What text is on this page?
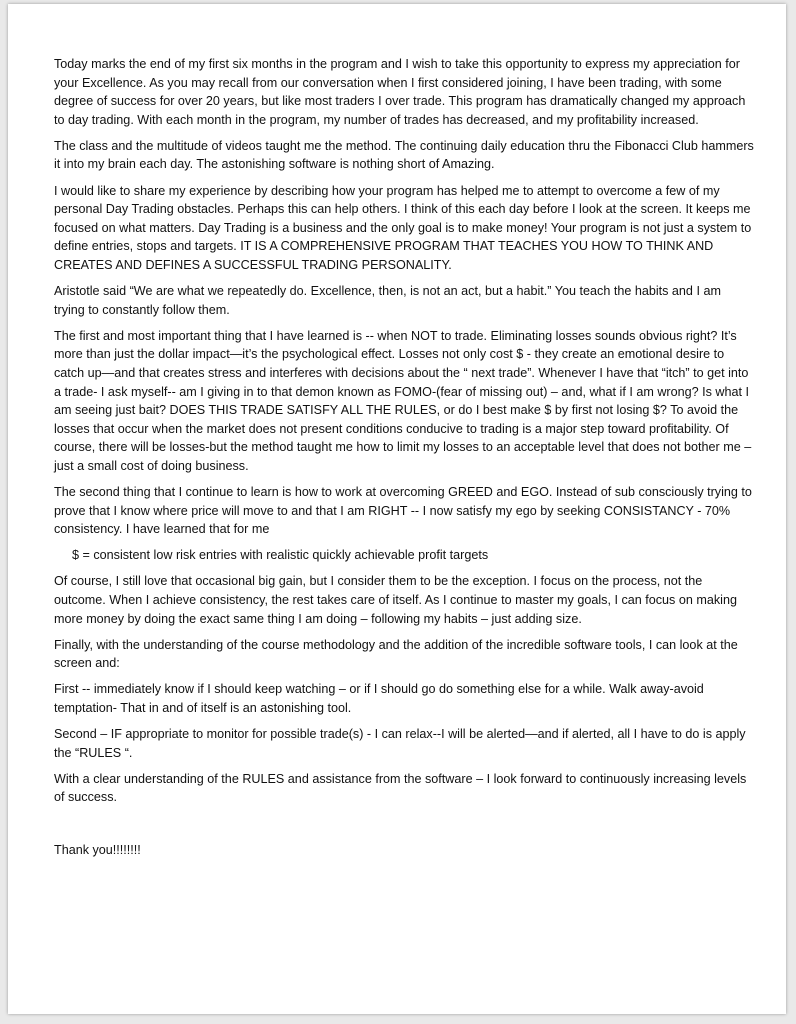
Today marks the end of my first six months in the program and I wish to take this opportunity to express my appreciation for your Excellence. As you may recall from our conversation when I first considered joining, I have been trading, with some degree of success for over 20 years, but like most traders I over trade. This program has dramatically changed my approach to day trading. With each month in the program, my number of trades has decreased, and my profitability increased.

The class and the multitude of videos taught me the method. The continuing daily education thru the Fibonacci Club hammers it into my brain each day. The astonishing software is nothing short of Amazing.

I would like to share my experience by describing how your program has helped me to attempt to overcome a few of my personal Day Trading obstacles. Perhaps this can help others. I think of this each day before I look at the screen. It keeps me focused on what matters. Day Trading is a business and the only goal is to make money! Your program is not just a system to define entries, stops and targets. IT IS A COMPREHENSIVE PROGRAM THAT TEACHES YOU HOW TO THINK AND CREATES AND DEFINES A SUCCESSFUL TRADING PERSONALITY.

Aristotle said “We are what we repeatedly do. Excellence, then, is not an act, but a habit.” You teach the habits and I am trying to constantly follow them.

The first and most important thing that I have learned is -- when NOT to trade. Eliminating losses sounds obvious right? It’s more than just the dollar impact—it’s the psychological effect. Losses not only cost $ - they create an emotional desire to catch up—and that creates stress and interferes with decisions about the “ next trade”. Whenever I have that “itch” to get into a trade- I ask myself-- am I giving in to that demon known as FOMO-(fear of missing out) – and, what if I am wrong? Is what I am seeing just bait? DOES THIS TRADE SATISFY ALL THE RULES, or do I best make $ by first not losing $? To avoid the losses that occur when the market does not present conditions conducive to trading is a major step toward profitability. Of course, there will be losses-but the method taught me how to limit my losses to an acceptable level that does not bother me – just a small cost of doing business.

The second thing that I continue to learn is how to work at overcoming GREED and EGO. Instead of sub consciously trying to prove that I know where price will move to and that I am RIGHT -- I now satisfy my ego by seeking CONSISTANCY - 70% consistency. I have learned that for me

$ = consistent low risk entries with realistic quickly achievable profit targets

Of course, I still love that occasional big gain, but I consider them to be the exception. I focus on the process, not the outcome. When I achieve consistency, the rest takes care of itself. As I continue to master my goals, I can focus on making more money by doing the exact same thing I am doing – following my habits – just adding size.

Finally, with the understanding of the course methodology and the addition of the incredible software tools, I can look at the screen and:

First -- immediately know if I should keep watching – or if I should go do something else for a while. Walk away-avoid temptation- That in and of itself is an astonishing tool.

Second – IF appropriate to monitor for possible trade(s) - I can relax--I will be alerted—and if alerted, all I have to do is apply the “RULES “.

With a clear understanding of the RULES and assistance from the software – I look forward to continuously increasing levels of success.

Thank you!!!!!!!!
